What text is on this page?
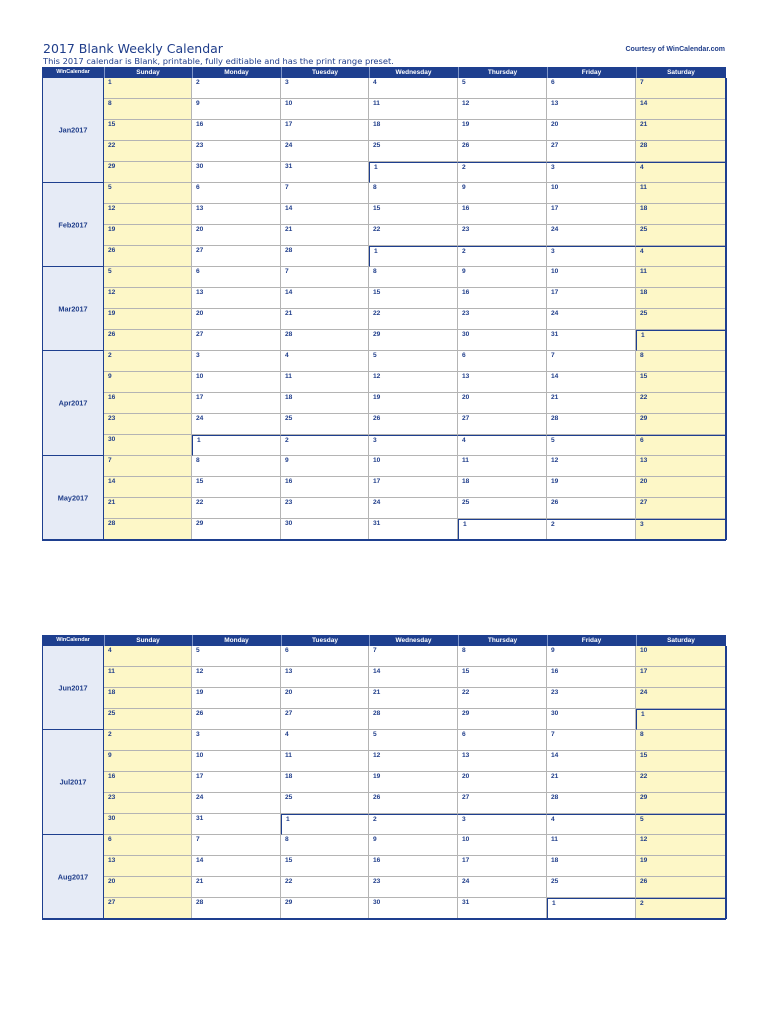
2017 Blank Weekly Calendar
This 2017 calendar is Blank, printable, fully editiable and has the print range preset.
Courtesy of WinCalendar.com
WinCalendar	Sunday	Monday	Tuesday	Wednesday	Thursday	Friday	Saturday
Jan2017
1	2	3	4	5	6	7
8	9	10	11	12	13	14
15	16	17	18	19	20	21
22	23	24	25	26	27	28
29	30	31	1	2	3	4
Feb2017
5	6	7	8	9	10	11
12	13	14	15	16	17	18
19	20	21	22	23	24	25
26	27	28	1	2	3	4
Mar2017
5	6	7	8	9	10	11
12	13	14	15	16	17	18
19	20	21	22	23	24	25
26	27	28	29	30	31	1
Apr2017
2	3	4	5	6	7	8
9	10	11	12	13	14	15
16	17	18	19	20	21	22
23	24	25	26	27	28	29
30	1	2	3	4	5	6
May2017
7	8	9	10	11	12	13
14	15	16	17	18	19	20
21	22	23	24	25	26	27
28	29	30	31	1	2	3
WinCalendar	Sunday	Monday	Tuesday	Wednesday	Thursday	Friday	Saturday
Jun2017
4	5	6	7	8	9	10
11	12	13	14	15	16	17
18	19	20	21	22	23	24
25	26	27	28	29	30	1
Jul2017
2	3	4	5	6	7	8
9	10	11	12	13	14	15
16	17	18	19	20	21	22
23	24	25	26	27	28	29
30	31	1	2	3	4	5
Aug2017
6	7	8	9	10	11	12
13	14	15	16	17	18	19
20	21	22	23	24	25	26
27	28	29	30	31	1	2
